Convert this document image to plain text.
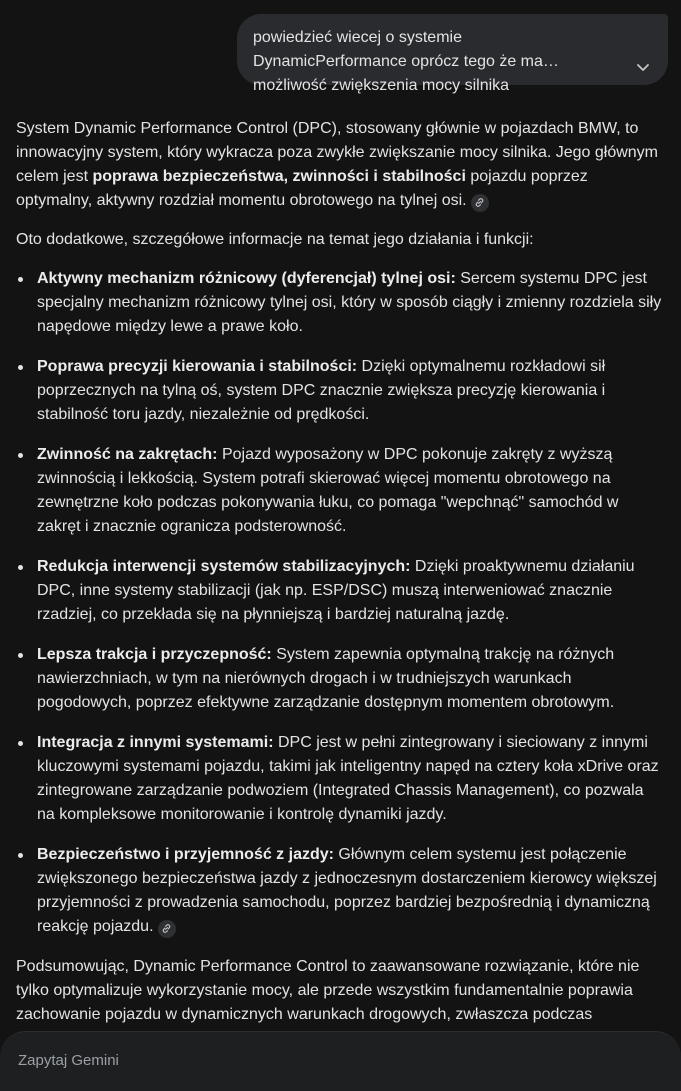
powiedzieć wiecej o systemie DynamicPerformance oprócz tego że ma możliwość zwiększenia mocy silnika

System Dynamic Performance Control (DPC), stosowany głównie w pojazdach BMW, to innowacyjny system, który wykracza poza zwykłe zwiększanie mocy silnika. Jego głównym celem jest poprawa bezpieczeństwa, zwinności i stabilności pojazdu poprzez optymalny, aktywny rozdział momentu obrotowego na tylnej osi.

Oto dodatkowe, szczegółowe informacje na temat jego działania i funkcji:

Aktywny mechanizm różnicowy (dyferencjał) tylnej osi: Sercem systemu DPC jest specjalny mechanizm różnicowy tylnej osi, który w sposób ciągły i zmienny rozdziela siły napędowe między lewe a prawe koło.
Poprawa precyzji kierowania i stabilności: Dzięki optymalnemu rozkładowi sił poprzecznych na tylną oś, system DPC znacznie zwiększa precyzję kierowania i stabilność toru jazdy, niezależnie od prędkości.
Zwinność na zakrętach: Pojazd wyposażony w DPC pokonuje zakręty z wyższą zwinnością i lekkością. System potrafi skierować więcej momentu obrotowego na zewnętrzne koło podczas pokonywania łuku, co pomaga "wepchnąć" samochód w zakręt i znacznie ogranicza podsterowność.
Redukcja interwencji systemów stabilizacyjnych: Dzięki proaktywnemu działaniu DPC, inne systemy stabilizacji (jak np. ESP/DSC) muszą interweniować znacznie rzadziej, co przekłada się na płynniejszą i bardziej naturalną jazdę.
Lepsza trakcja i przyczepność: System zapewnia optymalną trakcję na różnych nawierzchniach, w tym na nierównych drogach i w trudniejszych warunkach pogodowych, poprzez efektywne zarządzanie dostępnym momentem obrotowym.
Integracja z innymi systemami: DPC jest w pełni zintegrowany i sieciowany z innymi kluczowymi systemami pojazdu, takimi jak inteligentny napęd na cztery koła xDrive oraz zintegrowane zarządzanie podwoziem (Integrated Chassis Management), co pozwala na kompleksowe monitorowanie i kontrolę dynamiki jazdy.
Bezpieczeństwo i przyjemność z jazdy: Głównym celem systemu jest połączenie zwiększonego bezpieczeństwa jazdy z jednoczesnym dostarczeniem kierowcy większej przyjemności z prowadzenia samochodu, poprzez bardziej bezpośrednią i dynamiczną reakcję pojazdu.

Podsumowując, Dynamic Performance Control to zaawansowane rozwiązanie, które nie tylko optymalizuje wykorzystanie mocy, ale przede wszystkim fundamentalnie poprawia zachowanie pojazdu w dynamicznych warunkach drogowych, zwłaszcza podczas

Zapytaj Gemini
